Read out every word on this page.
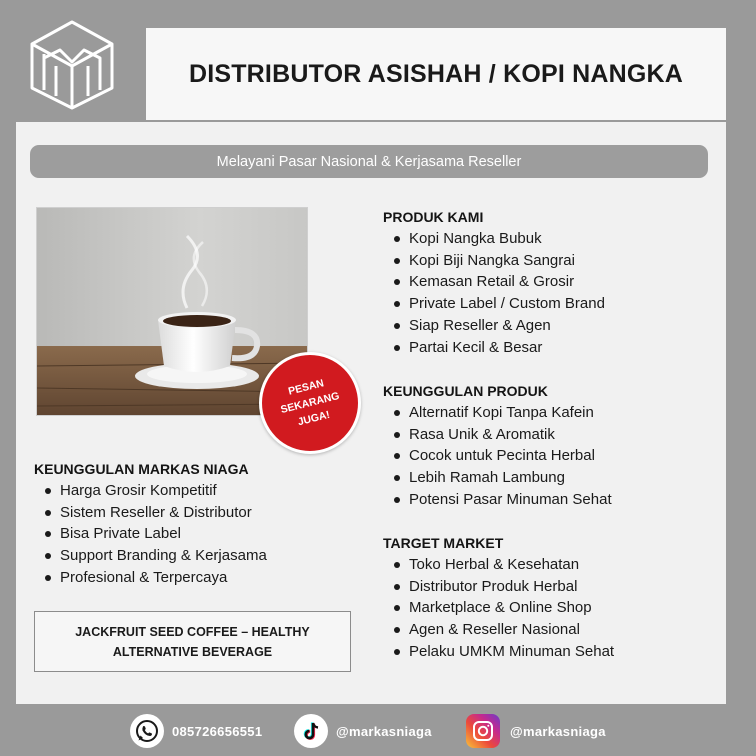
DISTRIBUTOR ASISHAH / KOPI NANGKA
Melayani Pasar Nasional & Kerjasama Reseller
PESAN
SEKARANG
JUGA!
PRODUK KAMI
Kopi Nangka Bubuk
Kopi Biji Nangka Sangrai
Kemasan Retail & Grosir
Private Label / Custom Brand
Siap Reseller & Agen
Partai Kecil & Besar
KEUNGGULAN PRODUK
Alternatif Kopi Tanpa Kafein
Rasa Unik & Aromatik
Cocok untuk Pecinta Herbal
Lebih Ramah Lambung
Potensi Pasar Minuman Sehat
TARGET MARKET
Toko Herbal & Kesehatan
Distributor Produk Herbal
Marketplace & Online Shop
Agen & Reseller Nasional
Pelaku UMKM Minuman Sehat
KEUNGGULAN MARKAS NIAGA
Harga Grosir Kompetitif
Sistem Reseller & Distributor
Bisa Private Label
Support Branding & Kerjasama
Profesional & Terpercaya
JACKFRUIT SEED COFFEE – HEALTHY ALTERNATIVE BEVERAGE
085726656551	@markasniaga	@markasniaga
